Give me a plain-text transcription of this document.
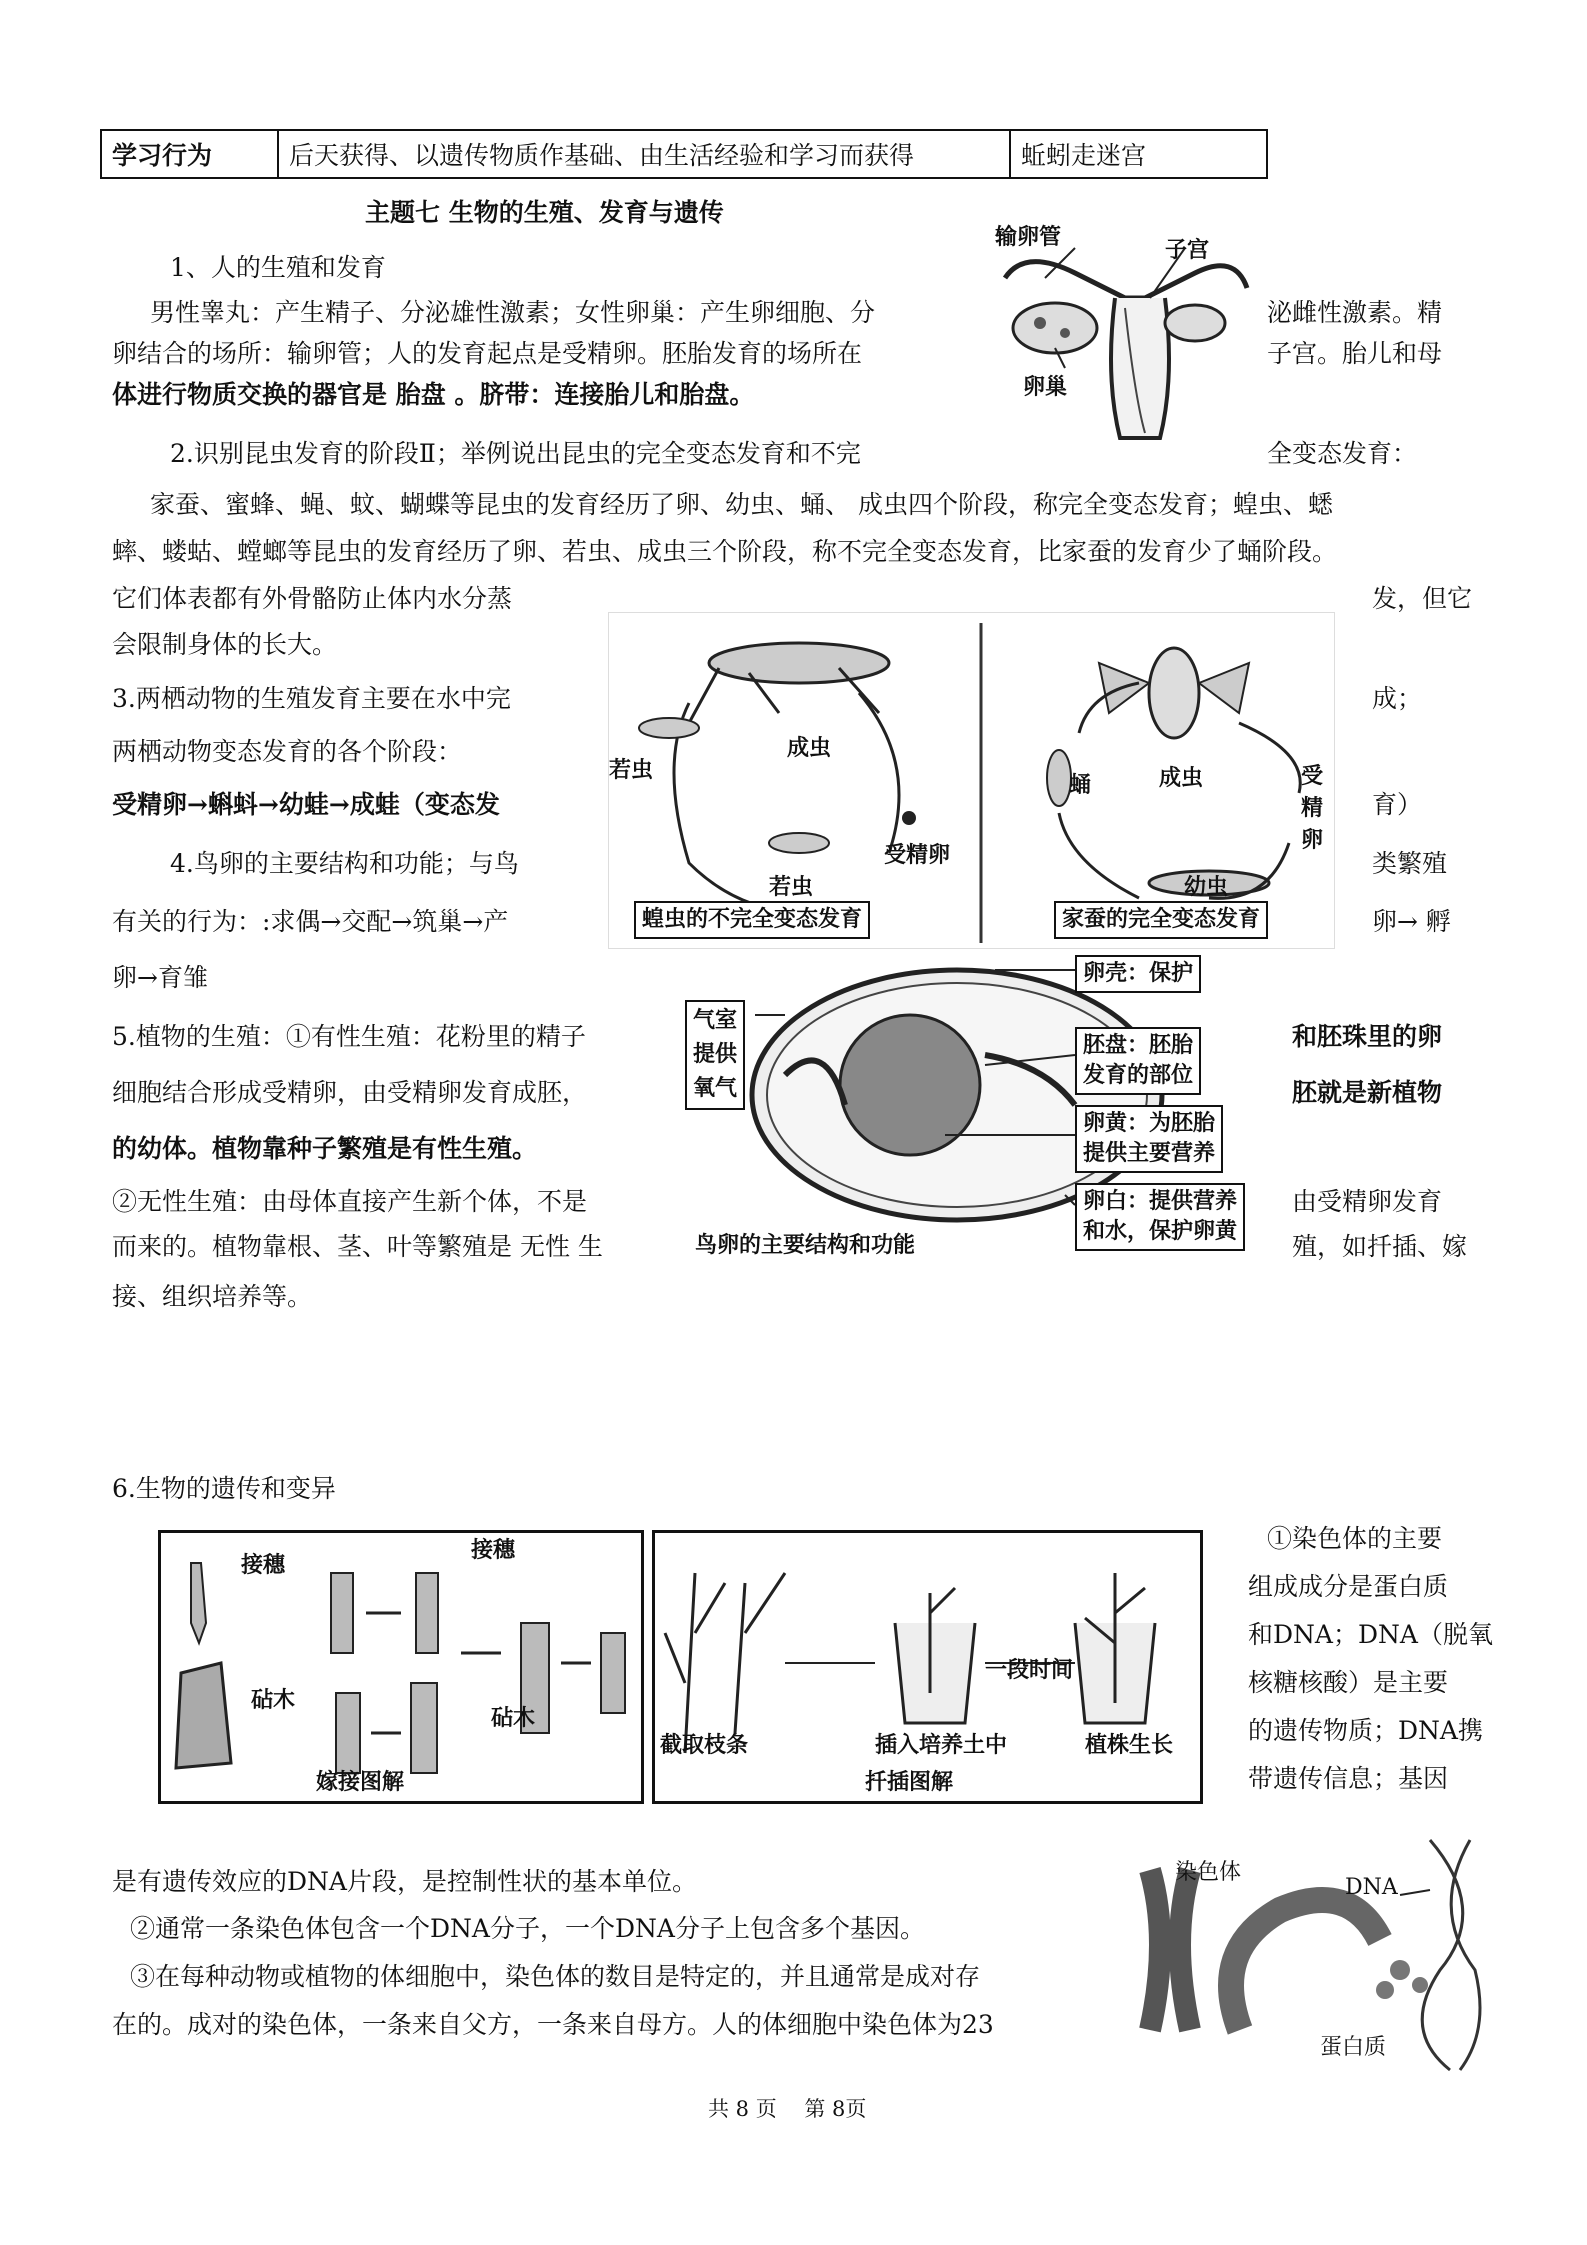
学习行为	后天获得、以遗传物质作基础、由生活经验和学习而获得	蚯蚓走迷宫
主题七 生物的生殖、发育与遗传
1、人的生殖和发育
男性睾丸：产生精子、分泌雄性激素；女性卵巢：产生卵细胞、分	泌雌性激素。精
卵结合的场所：输卵管；人的发育起点是受精卵。胚胎发育的场所在	子宫。胎儿和母
体进行物质交换的器官是 胎盘 。脐带：连接胎儿和胎盘。
输卵管
子宫
卵巢
2.识别昆虫发育的阶段Ⅱ；举例说出昆虫的完全变态发育和不完	全变态发育：
家蚕、蜜蜂、蝇、蚊、蝴蝶等昆虫的发育经历了卵、幼虫、蛹、 成虫四个阶段，称完全变态发育；蝗虫、蟋
蟀、蝼蛄、螳螂等昆虫的发育经历了卵、若虫、成虫三个阶段，称不完全变态发育，比家蚕的发育少了蛹阶段。
它们体表都有外骨骼防止体内水分蒸	发，但它
会限制身体的长大。
成虫
若虫
受精卵
若虫
蝗虫的不完全变态发育
蛹	成虫	受
精
卵
幼虫
家蚕的完全变态发育
3.两栖动物的生殖发育主要在水中完	成；
两栖动物变态发育的各个阶段：
受精卵→蝌蚪→幼蛙→成蛙（变态发	育）
4.鸟卵的主要结构和功能；与鸟	类繁殖
有关的行为：:求偶→交配→筑巢→产	卵→ 孵
卵→育雏	卵壳：保护
气室
提供
氧气
胚盘：胚胎
发育的部位
卵黄：为胚胎
提供主要营养
卵白：提供营养
和水，保护卵黄
鸟卵的主要结构和功能
5.植物的生殖：①有性生殖：花粉里的精子	和胚珠里的卵
细胞结合形成受精卵，由受精卵发育成胚，	胚就是新植物
的幼体。植物靠种子繁殖是有性生殖。
②无性生殖：由母体直接产生新个体，不是	由受精卵发育
而来的。植物靠根、茎、叶等繁殖是 无性 生	殖，如扦插、嫁
接、组织培养等。
6.生物的遗传和变异
接穗
接穗
砧木
砧木
嫁接图解
截取枝条
一段时间
插入培养土中	植株生长
扦插图解
①染色体的主要
组成成分是蛋白质
和DNA；DNA（脱氧
核糖核酸）是主要
的遗传物质；DNA携
带遗传信息；基因
是有遗传效应的DNA片段，是控制性状的基本单位。
②通常一条染色体包含一个DNA分子，一个DNA分子上包含多个基因。
③在每种动物或植物的体细胞中，染色体的数目是特定的，并且通常是成对存
在的。成对的染色体，一条来自父方，一条来自母方。人的体细胞中染色体为23
染色体
DNA
蛋白质
共 8 页　 第 8页
